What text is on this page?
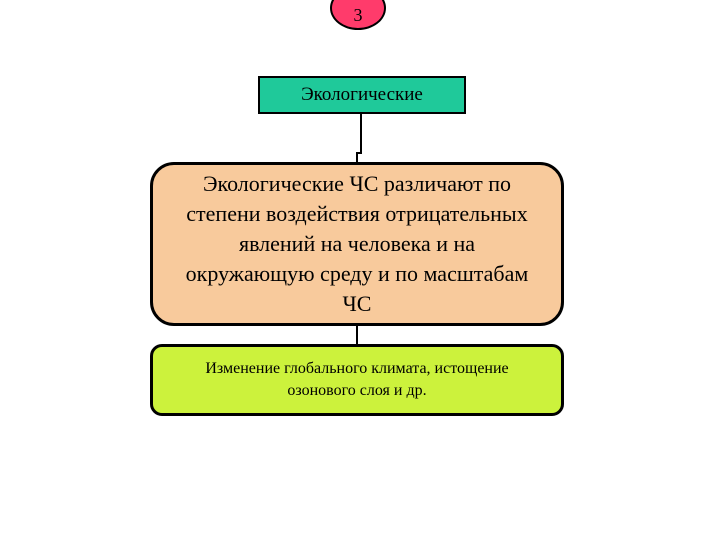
3
Экологические
Экологические ЧС различают по степени воздействия отрицательных явлений на человека и на окружающую среду и по масштабам ЧС
Изменение глобального климата, истощение озонового слоя и др.
